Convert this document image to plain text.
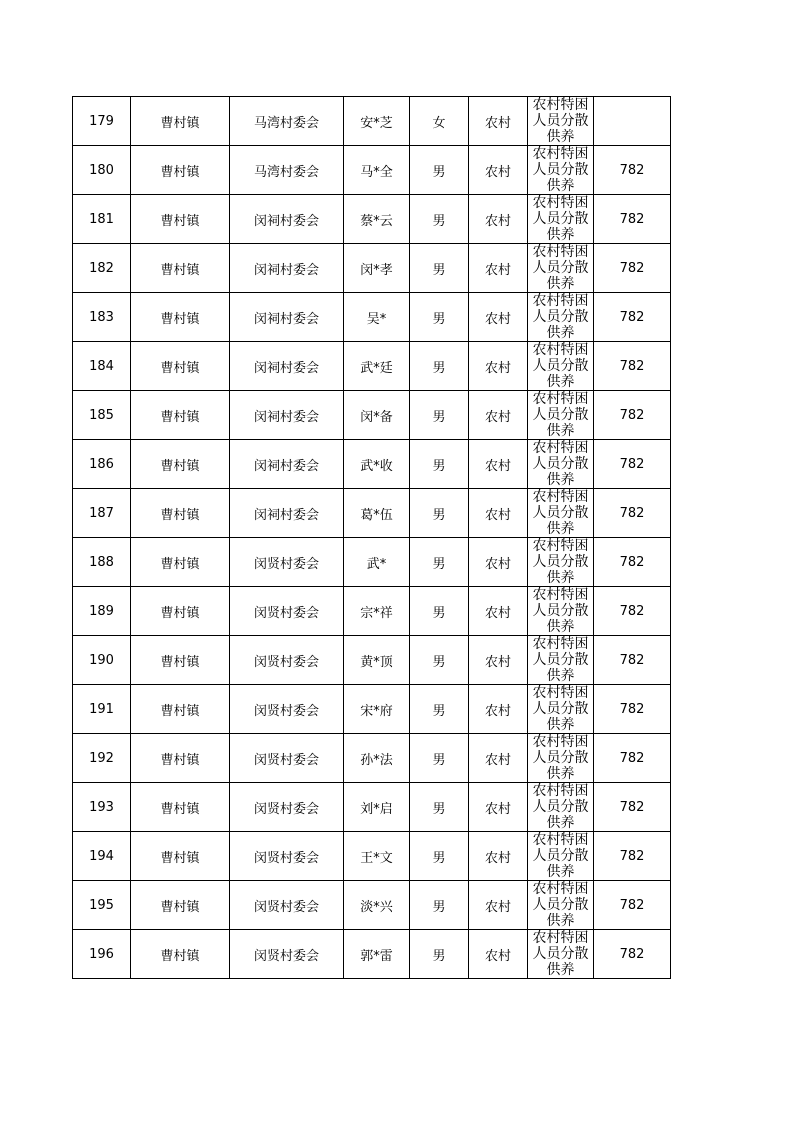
179	曹村镇	马湾村委会	安*芝	女	农村	农村特困人员分散供养	

180	曹村镇	马湾村委会	马*全	男	农村	农村特困人员分散供养	782
181	曹村镇	闵祠村委会	蔡*云	男	农村	农村特困人员分散供养	782
182	曹村镇	闵祠村委会	闵*孝	男	农村	农村特困人员分散供养	782
183	曹村镇	闵祠村委会	吴*	男	农村	农村特困人员分散供养	782
184	曹村镇	闵祠村委会	武*廷	男	农村	农村特困人员分散供养	782
185	曹村镇	闵祠村委会	闵*备	男	农村	农村特困人员分散供养	782
186	曹村镇	闵祠村委会	武*收	男	农村	农村特困人员分散供养	782
187	曹村镇	闵祠村委会	葛*伍	男	农村	农村特困人员分散供养	782
188	曹村镇	闵贤村委会	武*	男	农村	农村特困人员分散供养	782
189	曹村镇	闵贤村委会	宗*祥	男	农村	农村特困人员分散供养	782
190	曹村镇	闵贤村委会	黄*顶	男	农村	农村特困人员分散供养	782
191	曹村镇	闵贤村委会	宋*府	男	农村	农村特困人员分散供养	782
192	曹村镇	闵贤村委会	孙*法	男	农村	农村特困人员分散供养	782
193	曹村镇	闵贤村委会	刘*启	男	农村	农村特困人员分散供养	782
194	曹村镇	闵贤村委会	王*文	男	农村	农村特困人员分散供养	782
195	曹村镇	闵贤村委会	淡*兴	男	农村	农村特困人员分散供养	782
196	曹村镇	闵贤村委会	郭*雷	男	农村	农村特困人员分散供养	782
